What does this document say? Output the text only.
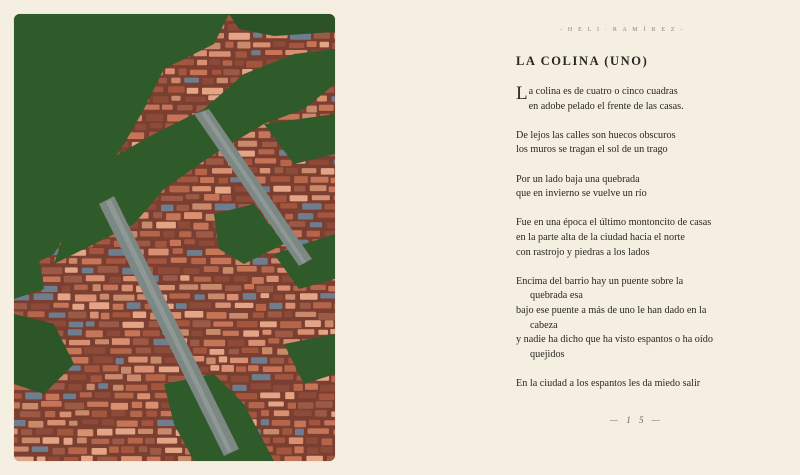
- H E L I · R A M Í R E Z -
LA COLINA (UNO)
La colina es de cuatro o cinco cuadras
en adobe pelado el frente de las casas.
De lejos las calles son huecos obscuros
los muros se tragan el sol de un trago
Por un lado baja una quebrada
que en invierno se vuelve un río
Fue en una época el último montoncito de casas
en la parte alta de la ciudad hacia el norte
con rastrojo y piedras a los lados
Encima del barrio hay un puente sobre la
quebrada esa
bajo ese puente a más de uno le han dado en la
cabeza
y nadie ha dicho que ha visto espantos o ha oído
quejidos
En la ciudad a los espantos les da miedo salir
— 1 5 —
